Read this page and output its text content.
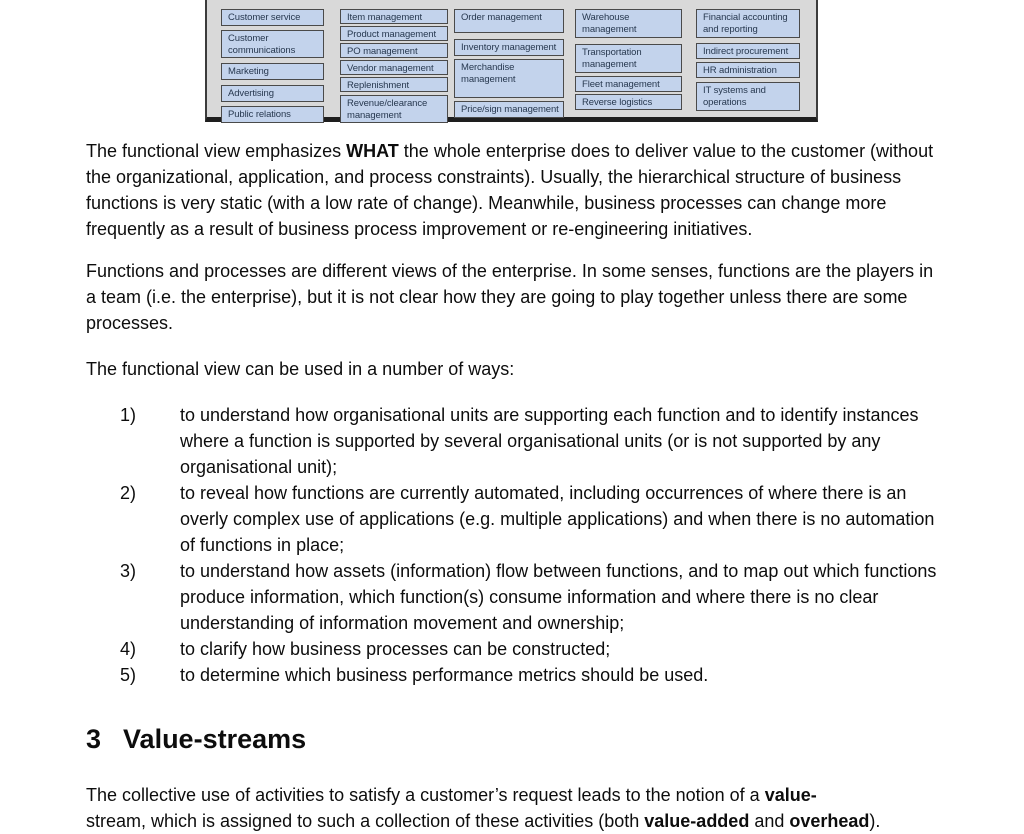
Customer service
Customer communications
Marketing
Advertising
Public relations
Item management
Product management
PO management
Vendor management
Replenishment
Revenue/clearance management
Order management
Inventory management
Merchandise management
Price/sign management
Warehouse management
Transportation management
Fleet management
Reverse logistics
Financial accounting and reporting
Indirect procurement
HR administration
IT systems and operations

The functional view emphasizes WHAT the whole enterprise does to deliver value to the customer (without the organizational, application, and process constraints). Usually, the hierarchical structure of business functions is very static (with a low rate of change). Meanwhile, business processes can change more frequently as a result of business process improvement or re-engineering initiatives.

Functions and processes are different views of the enterprise. In some senses, functions are the players in a team (i.e. the enterprise), but it is not clear how they are going to play together unless there are some processes.

The functional view can be used in a number of ways:

1)	to understand how organisational units are supporting each function and to identify instances where a function is supported by several organisational units (or is not supported by any organisational unit);
2)	to reveal how functions are currently automated, including occurrences of where there is an overly complex use of applications (e.g. multiple applications) and when there is no automation of functions in place;
3)	to understand how assets (information) flow between functions, and to map out which functions produce information, which function(s) consume information and where there is no clear understanding of information movement and ownership;
4)	to clarify how business processes can be constructed;
5)	to determine which business performance metrics should be used.
3 Value-streams

The collective use of activities to satisfy a customer’s request leads to the notion of a value-
stream, which is assigned to such a collection of these activities (both value-added and overhead).
